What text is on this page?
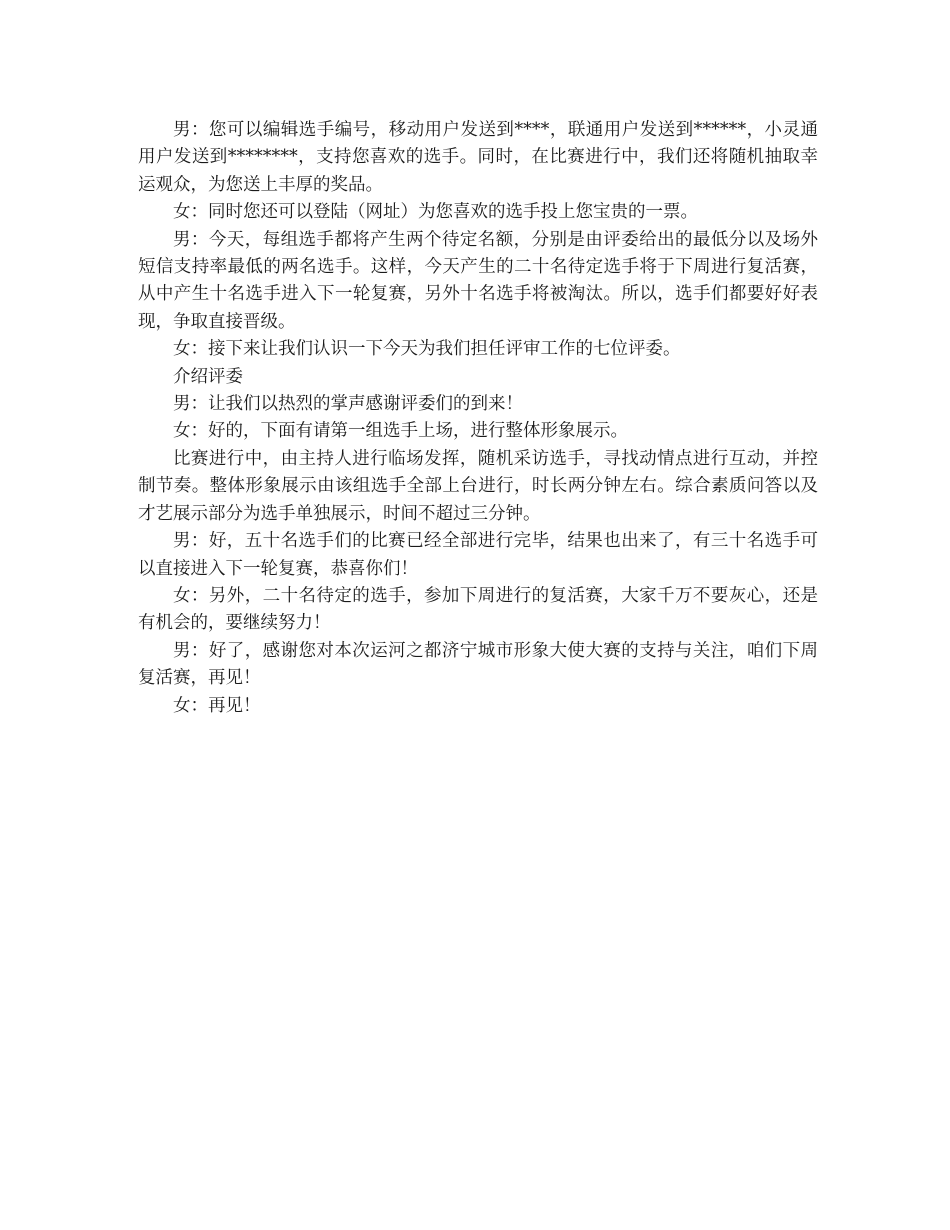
男：您可以编辑选手编号，移动用户发送到****，联通用户发送到******，小灵通用户发送到********，支持您喜欢的选手。同时，在比赛进行中，我们还将随机抽取幸运观众，为您送上丰厚的奖品。

女：同时您还可以登陆（网址）为您喜欢的选手投上您宝贵的一票。

男：今天，每组选手都将产生两个待定名额，分别是由评委给出的最低分以及场外短信支持率最低的两名选手。这样，今天产生的二十名待定选手将于下周进行复活赛，从中产生十名选手进入下一轮复赛，另外十名选手将被淘汰。所以，选手们都要好好表现，争取直接晋级。

女：接下来让我们认识一下今天为我们担任评审工作的七位评委。

介绍评委

男：让我们以热烈的掌声感谢评委们的到来！

女：好的，下面有请第一组选手上场，进行整体形象展示。

比赛进行中，由主持人进行临场发挥，随机采访选手，寻找动情点进行互动，并控制节奏。整体形象展示由该组选手全部上台进行，时长两分钟左右。综合素质问答以及才艺展示部分为选手单独展示，时间不超过三分钟。

男：好，五十名选手们的比赛已经全部进行完毕，结果也出来了，有三十名选手可以直接进入下一轮复赛，恭喜你们！

女：另外，二十名待定的选手，参加下周进行的复活赛，大家千万不要灰心，还是有机会的，要继续努力！

男：好了，感谢您对本次运河之都济宁城市形象大使大赛的支持与关注，咱们下周复活赛，再见！

女：再见！
